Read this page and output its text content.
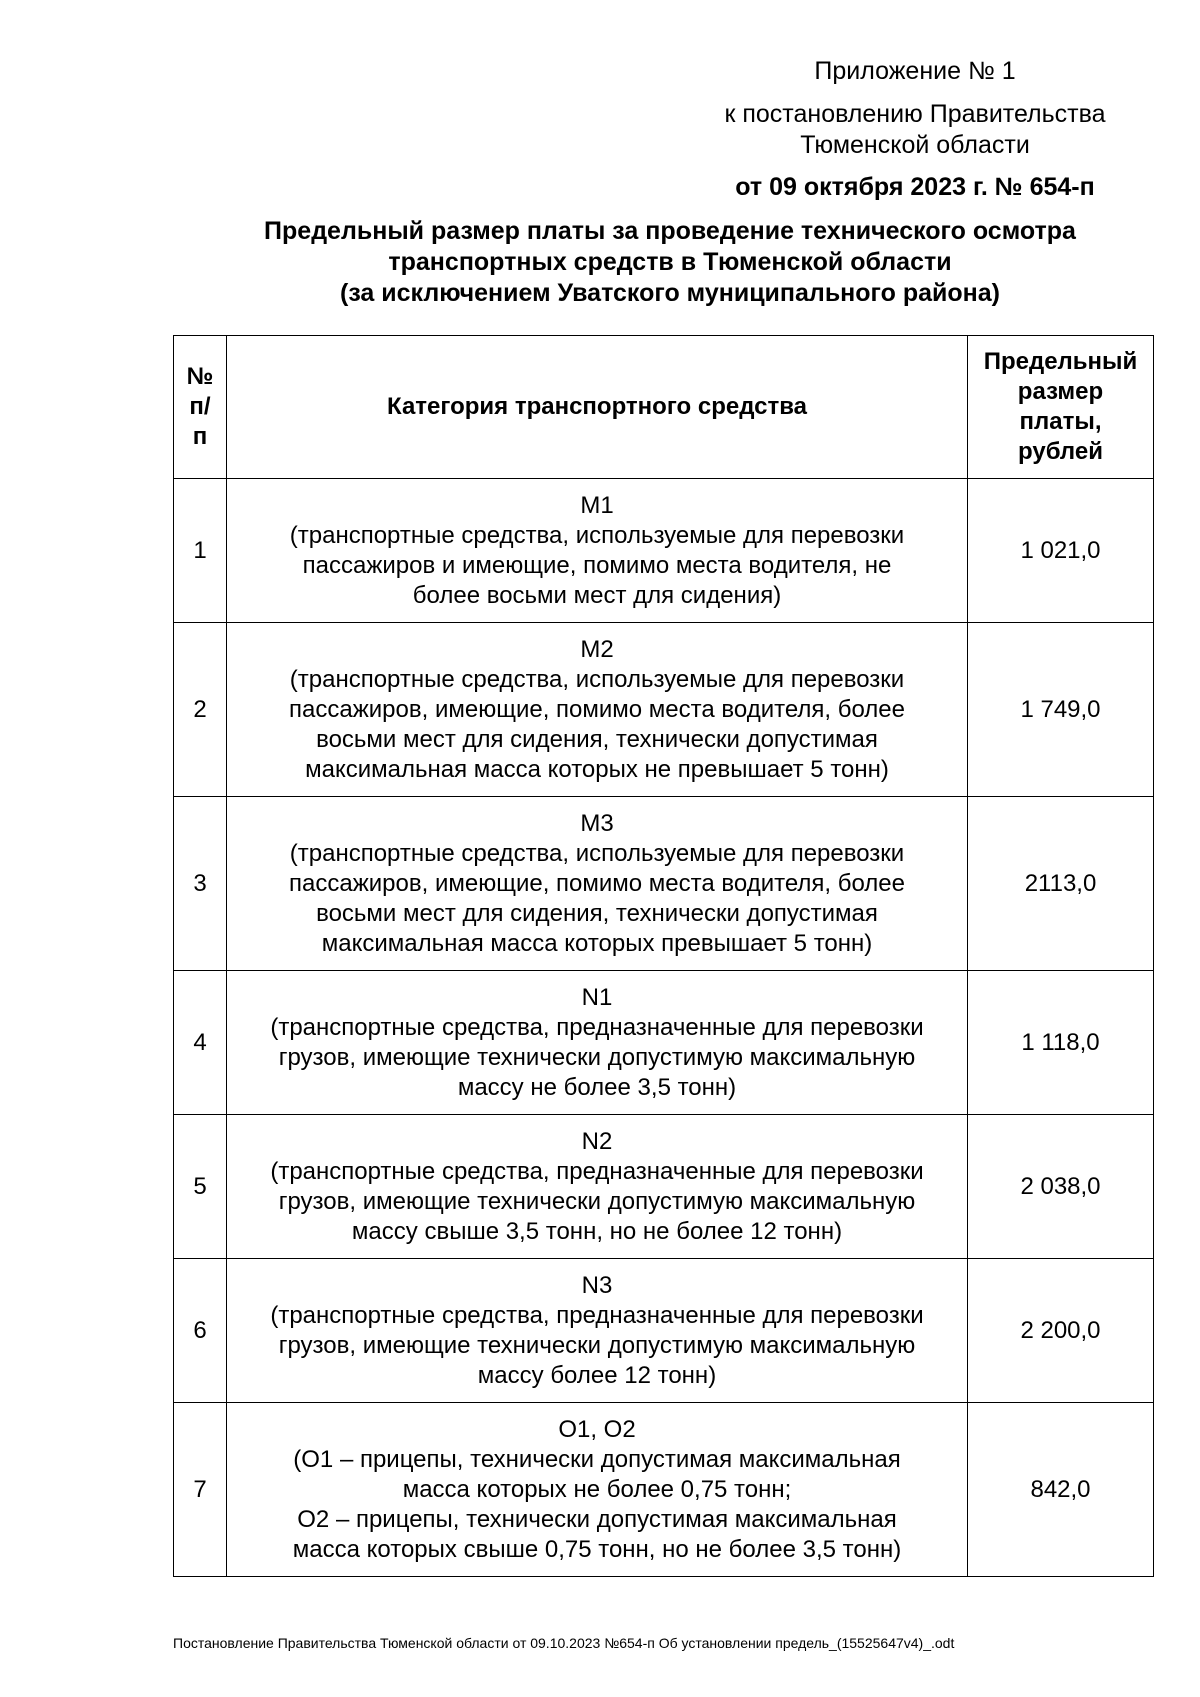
Приложение № 1
к постановлению Правительства
Тюменской области
от 09 октября 2023 г. № 654-п
Предельный размер платы за проведение технического осмотра
транспортных средств в Тюменской области
(за исключением Уватского муниципального района)
№
п/
п	Категория транспортного средства	Предельный
размер
платы,
рублей

1	M1
(транспортные средства, используемые для перевозки
пассажиров и имеющие, помимо места водителя, не
более восьми мест для сидения)	1 021,0
2	M2
(транспортные средства, используемые для перевозки
пассажиров, имеющие, помимо места водителя, более
восьми мест для сидения, технически допустимая
максимальная масса которых не превышает 5 тонн)	1 749,0
3	M3
(транспортные средства, используемые для перевозки
пассажиров, имеющие, помимо места водителя, более
восьми мест для сидения, технически допустимая
максимальная масса которых превышает 5 тонн)	2113,0
4	N1
(транспортные средства, предназначенные для перевозки
грузов, имеющие технически допустимую максимальную
массу не более 3,5 тонн)	1 118,0
5	N2
(транспортные средства, предназначенные для перевозки
грузов, имеющие технически допустимую максимальную
массу свыше 3,5 тонн, но не более 12 тонн)	2 038,0
6	N3
(транспортные средства, предназначенные для перевозки
грузов, имеющие технически допустимую максимальную
массу более 12 тонн)	2 200,0
7	O1, O2
(O1 – прицепы, технически допустимая максимальная
масса которых не более 0,75 тонн;
O2 – прицепы, технически допустимая максимальная
масса которых свыше 0,75 тонн, но не более 3,5 тонн)	842,0
Постановление Правительства Тюменской области от 09.10.2023 №654-п Об установлении предель_(15525647v4)_.odt
